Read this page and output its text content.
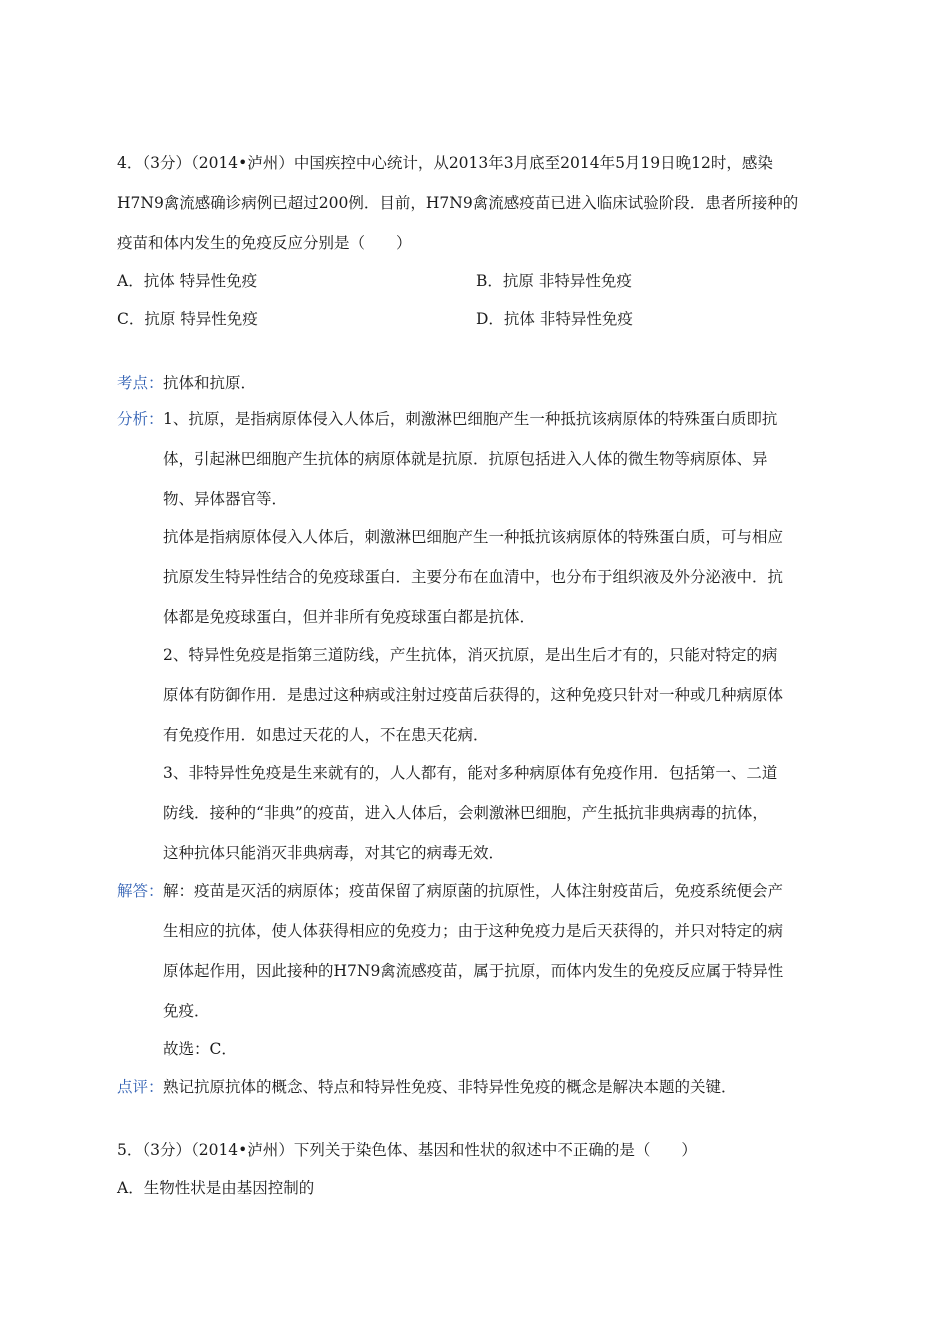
4．（3分）（2014•泸州）中国疾控中心统计，从2013年3月底至2014年5月19日晚12时，感染
H7N9禽流感确诊病例已超过200例．目前，H7N9禽流感疫苗已进入临床试验阶段．患者所接种的
疫苗和体内发生的免疫反应分别是（　　）
A．抗体 特异性免疫	B．抗原 非特异性免疫
C．抗原 特异性免疫	D．抗体 非特异性免疫
考点： 抗体和抗原．
分析： 1、抗原，是指病原体侵入人体后，刺激淋巴细胞产生一种抵抗该病原体的特殊蛋白质即抗
体，引起淋巴细胞产生抗体的病原体就是抗原．抗原包括进入人体的微生物等病原体、异
物、异体器官等．
抗体是指病原体侵入人体后，刺激淋巴细胞产生一种抵抗该病原体的特殊蛋白质，可与相应
抗原发生特异性结合的免疫球蛋白．主要分布在血清中，也分布于组织液及外分泌液中．抗
体都是免疫球蛋白，但并非所有免疫球蛋白都是抗体．
2、特异性免疫是指第三道防线，产生抗体，消灭抗原，是出生后才有的，只能对特定的病
原体有防御作用．是患过这种病或注射过疫苗后获得的，这种免疫只针对一种或几种病原体
有免疫作用．如患过天花的人，不在患天花病．
3、非特异性免疫是生来就有的，人人都有，能对多种病原体有免疫作用．包括第一、二道
防线．接种的“非典”的疫苗，进入人体后，会刺激淋巴细胞，产生抵抗非典病毒的抗体，
这种抗体只能消灭非典病毒，对其它的病毒无效．
解答： 解：疫苗是灭活的病原体；疫苗保留了病原菌的抗原性，人体注射疫苗后，免疫系统便会产
生相应的抗体，使人体获得相应的免疫力；由于这种免疫力是后天获得的，并只对特定的病
原体起作用，因此接种的H7N9禽流感疫苗，属于抗原，而体内发生的免疫反应属于特异性
免疫．
故选：C．
点评： 熟记抗原抗体的概念、特点和特异性免疫、非特异性免疫的概念是解决本题的关键．
5．（3分）（2014•泸州）下列关于染色体、基因和性状的叙述中不正确的是（　　）
A．生物性状是由基因控制的
